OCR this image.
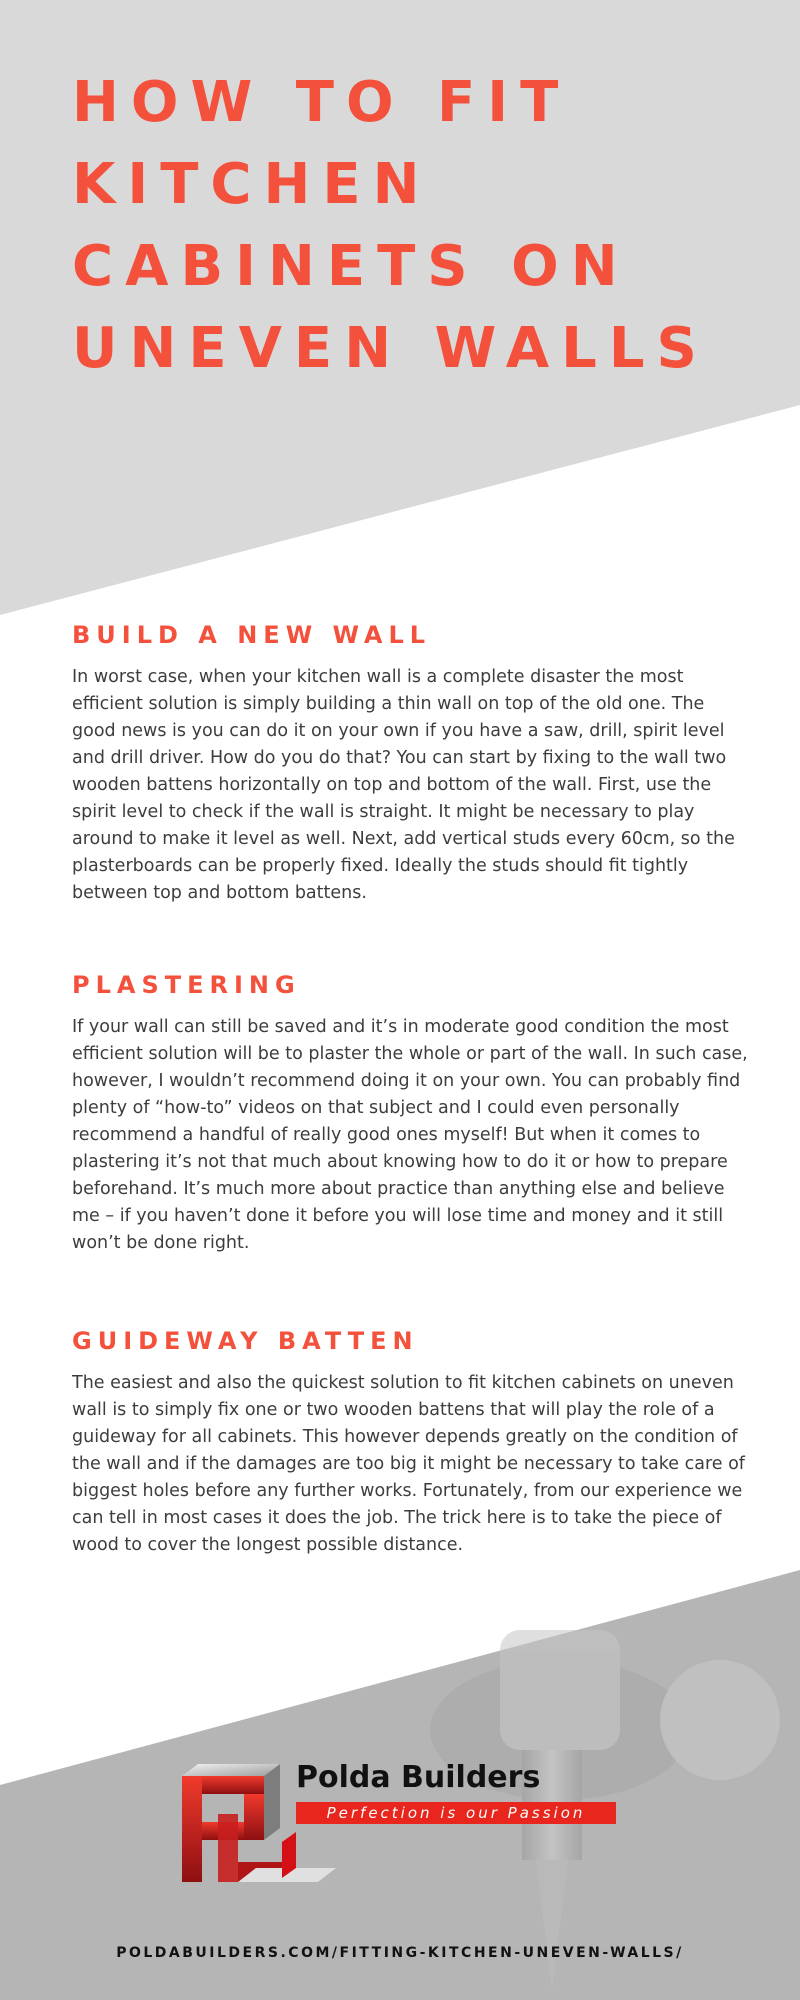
HOW TO FIT KITCHEN CABINETS ON UNEVEN WALLS
BUILD A NEW WALL

In worst case, when your kitchen wall is a complete disaster the most efficient solution is simply building a thin wall on top of the old one. The good news is you can do it on your own if you have a saw, drill, spirit level and drill driver. How do you do that? You can start by fixing to the wall two wooden battens horizontally on top and bottom of the wall. First, use the spirit level to check if the wall is straight. It might be necessary to play around to make it level as well. Next, add vertical studs every 60cm, so the plasterboards can be properly fixed. Ideally the studs should fit tightly between top and bottom battens.

PLASTERING

If your wall can still be saved and it’s in moderate good condition the most efficient solution will be to plaster the whole or part of the wall. In such case, however, I wouldn’t recommend doing it on your own. You can probably find plenty of “how-to” videos on that subject and I could even personally recommend a handful of really good ones myself! But when it comes to plastering it’s not that much about knowing how to do it or how to prepare beforehand. It’s much more about practice than anything else and believe me – if you haven’t done it before you will lose time and money and it still won’t be done right.

GUIDEWAY BATTEN

The easiest and also the quickest solution to fit kitchen cabinets on uneven wall is to simply fix one or two wooden battens that will play the role of a guideway for all cabinets. This however depends greatly on the condition of the wall and if the damages are too big it might be necessary to take care of biggest holes before any further works. Fortunately, from our experience we can tell in most cases it does the job. The trick here is to take the piece of wood to cover the longest possible distance.

Polda Builders
Perfection is our Passion
POLDABUILDERS.COM/FITTING-KITCHEN-UNEVEN-WALLS/
